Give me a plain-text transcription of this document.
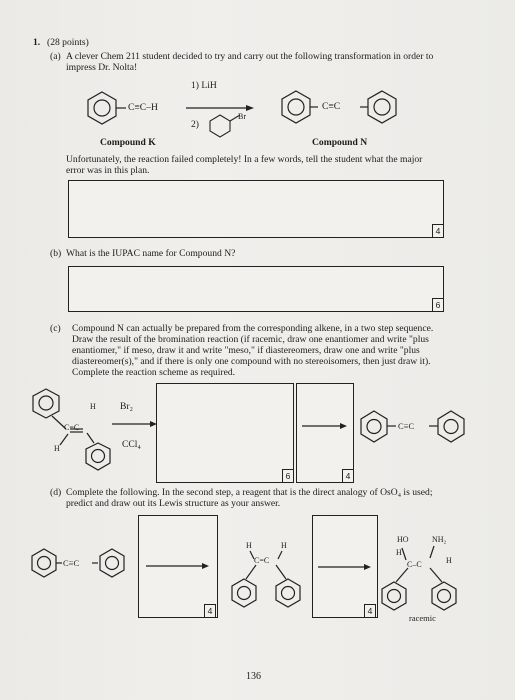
1. (28 points)
(a) A clever Chem 211 student decided to try and carry out the following transformation in order to
impress Dr. Nolta!
1) LiH
C≡C–H
2)
Br
C≡C
Compound K	Compound N
Unfortunately, the reaction failed completely! In a few words, tell the student what the major
error was in this plan.
4
(b) What is the IUPAC name for Compound N?
6
(c) Compound N can actually be prepared from the corresponding alkene, in a two step sequence.
Draw the result of the bromination reaction (if racemic, draw one enantiomer and write "plus
enantiomer," if meso, draw it and write "meso," if diastereomers, draw one and write "plus
diastereomer(s)," and if there is only one compound with no stereoisomers, then just draw it).
Complete the reaction scheme as required.
H
C=C
H
Br₂
CCl₄
6	4
C≡C
(d) Complete the following. In the second step, a reagent that is the direct analogy of OsO₄ is used;
predict and draw out its Lewis structure as your answer.
C≡C
4
H	H
C=C
4
HO	NH₂
H
H
C–C
racemic
136
